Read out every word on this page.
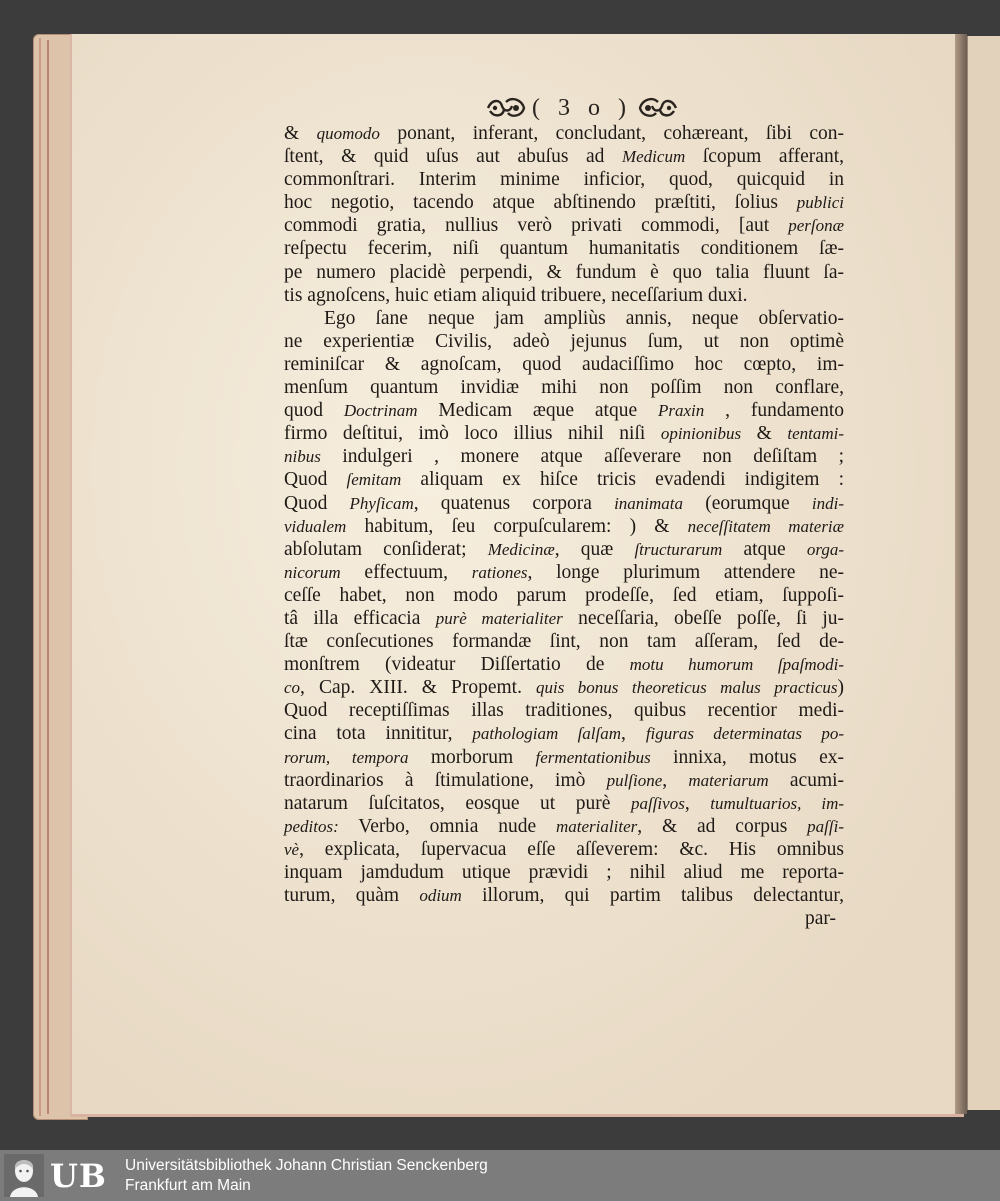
( 3 o )
& quomodo ponant, inferant, concludant, cohæreant, ſibi con-
ſtent, & quid uſus aut abuſus ad Medicum ſcopum afferant,
commonſtrari. Interim minime inficior, quod, quicquid in
hoc negotio, tacendo atque abſtinendo præſtiti, ſolius publici
commodi gratia, nullius verò privati commodi, [aut perſonæ
reſpectu fecerim, niſi quantum humanitatis conditionem ſæ-
pe numero placidè perpendi, & fundum è quo talia fluunt ſa-
tis agnoſcens, huic etiam aliquid tribuere, neceſſarium duxi.
Ego ſane neque jam ampliùs annis, neque obſervatio-
ne experientiæ Civilis, adeò jejunus ſum, ut non optimè
reminiſcar & agnoſcam, quod audaciſſimo hoc cœpto, im-
menſum quantum invidiæ mihi non poſſim non conflare,
quod Doctrinam Medicam æque atque Praxin , fundamento
firmo deſtitui, imò loco illius nihil niſi opinionibus & tentami-
nibus indulgeri , monere atque aſſeverare non deſiſtam ;
Quod ſemitam aliquam ex hiſce tricis evadendi indigitem :
Quod Phyſicam, quatenus corpora inanimata (eorumque indi-
vidualem habitum, ſeu corpuſcularem: ) & neceſſitatem materiæ
abſolutam conſiderat; Medicinæ, quæ ſtructurarum atque orga-
nicorum effectuum, rationes, longe plurimum attendere ne-
ceſſe habet, non modo parum prodeſſe, ſed etiam, ſuppoſi-
tâ illa efficacia purè materialiter neceſſaria, obeſſe poſſe, ſi ju-
ſtæ conſecutiones formandæ ſint, non tam aſſeram, ſed de-
monſtrem (videatur Diſſertatio de motu humorum ſpaſmodi-
co, Cap. XIII. & Propemt. quis bonus theoreticus malus practicus)
Quod receptiſſimas illas traditiones, quibus recentior medi-
cina tota innititur, pathologiam ſalſam, figuras determinatas po-
rorum, tempora morborum fermentationibus innixa, motus ex-
traordinarios à ſtimulatione, imò pulſione, materiarum acumi-
natarum ſuſcitatos, eosque ut purè paſſivos, tumultuarios, im-
peditos: Verbo, omnia nude materialiter, & ad corpus paſſi-
vè, explicata, ſupervacua eſſe aſſeverem: &c. His omnibus
inquam jamdudum utique prævidi ; nihil aliud me reporta-
turum, quàm odium illorum, qui partim talibus delectantur,
par-
UB Universitätsbibliothek Johann Christian Senckenberg
Frankfurt am Main
